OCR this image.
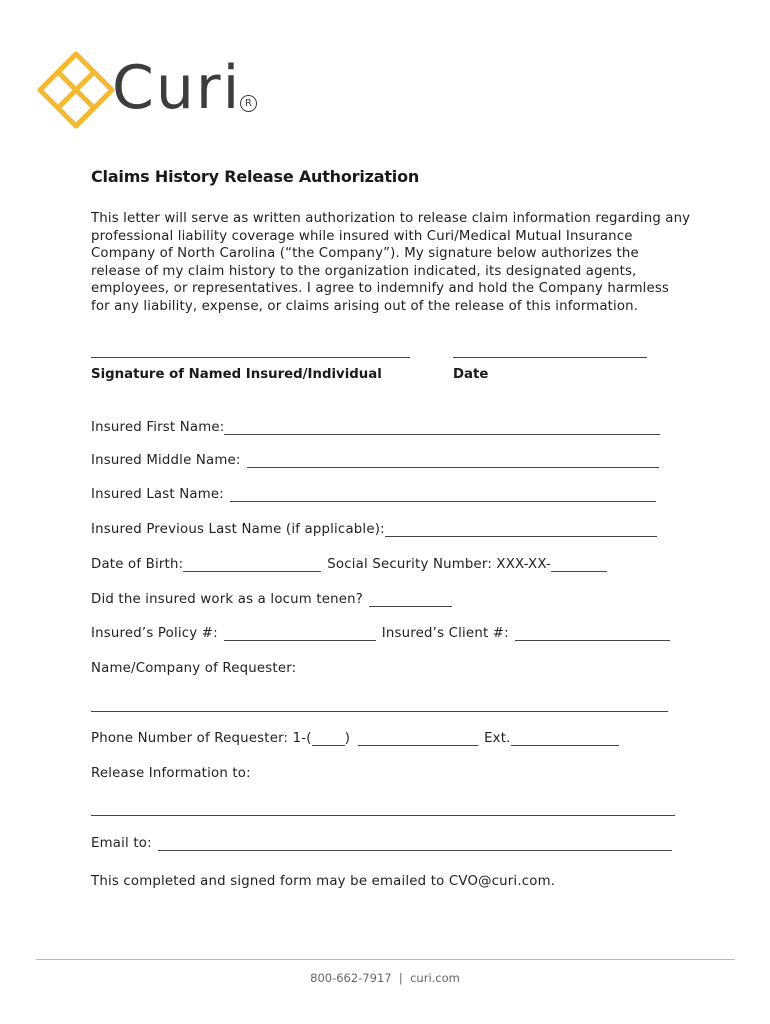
Curi R
Claims History Release Authorization

This letter will serve as written authorization to release claim information regarding any professional liability coverage while insured with Curi/Medical Mutual Insurance Company of North Carolina (“the Company”). My signature below authorizes the release of my claim history to the organization indicated, its designated agents, employees, or representatives. I agree to indemnify and hold the Company harmless for any liability, expense, or claims arising out of the release of this information.

Signature of Named Insured/Individual	Date
Insured First Name:
Insured Middle Name:
Insured Last Name:
Insured Previous Last Name (if applicable):
Date of Birth:	Social Security Number: XXX-XX-
Did the insured work as a locum tenen?
Insured’s Policy #:	Insured’s Client #:
Name/Company of Requester:
Phone Number of Requester: 1-( )	Ext.
Release Information to:
Email to:
This completed and signed form may be emailed to CVO@curi.com.
800-662-7917  |  curi.com
